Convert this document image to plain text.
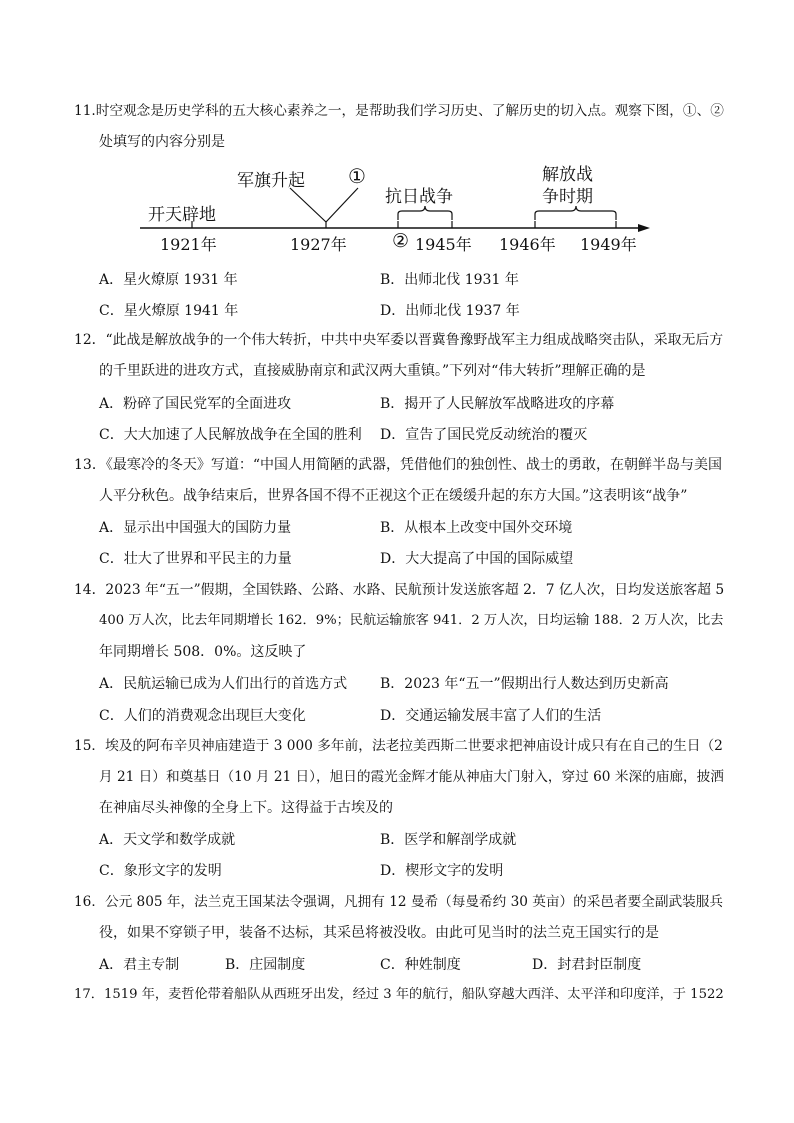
11.时空观念是历史学科的五大核心素养之一，是帮助我们学习历史、了解历史的切入点。观察下图，①、②
处填写的内容分别是
开天辟地
军旗升起 ①
抗日战争
解放战
争时期
1921年	1927年 ② 1945年 1946年 1949年
A．星火燎原 1931 年	B．出师北伐 1931 年
C．星火燎原 1941 年	D．出师北伐 1937 年
12．“此战是解放战争的一个伟大转折，中共中央军委以晋冀鲁豫野战军主力组成战略突击队，采取无后方
的千里跃进的进攻方式，直接威胁南京和武汉两大重镇。”下列对“伟大转折”理解正确的是
A．粉碎了国民党军的全面进攻	B．揭开了人民解放军战略进攻的序幕
C．大大加速了人民解放战争在全国的胜利 D．宣告了国民党反动统治的覆灭
13．《最寒冷的冬天》写道：“中国人用简陋的武器，凭借他们的独创性、战士的勇敢，在朝鲜半岛与美国
人平分秋色。战争结束后，世界各国不得不正视这个正在缓缓升起的东方大国。”这表明该“战争”
A．显示出中国强大的国防力量	B．从根本上改变中国外交环境
C．壮大了世界和平民主的力量	D．大大提高了中国的国际威望
14．2023 年“五一”假期，全国铁路、公路、水路、民航预计发送旅客超 2．7 亿人次，日均发送旅客超 5
400 万人次，比去年同期增长 162．9%；民航运输旅客 941．2 万人次，日均运输 188．2 万人次，比去
年同期增长 508．0%。这反映了
A．民航运输已成为人们出行的首选方式 B．2023 年“五一”假期出行人数达到历史新高
C．人们的消费观念出现巨大变化	D．交通运输发展丰富了人们的生活
15．埃及的阿布辛贝神庙建造于 3 000 多年前，法老拉美西斯二世要求把神庙设计成只有在自己的生日（2
月 21 日）和奠基日（10 月 21 日），旭日的霞光金辉才能从神庙大门射入，穿过 60 米深的庙廊，披洒
在神庙尽头神像的全身上下。这得益于古埃及的
A．天文学和数学成就	B．医学和解剖学成就
C．象形文字的发明	D．楔形文字的发明
16．公元 805 年，法兰克王国某法令强调，凡拥有 12 曼希（每曼希约 30 英亩）的采邑者要全副武装服兵
役，如果不穿锁子甲，装备不达标，其采邑将被没收。由此可见当时的法兰克王国实行的是
A．君主专制	B．庄园制度	C．种姓制度	D．封君封臣制度
17．1519 年，麦哲伦带着船队从西班牙出发，经过 3 年的航行，船队穿越大西洋、太平洋和印度洋，于 1522
